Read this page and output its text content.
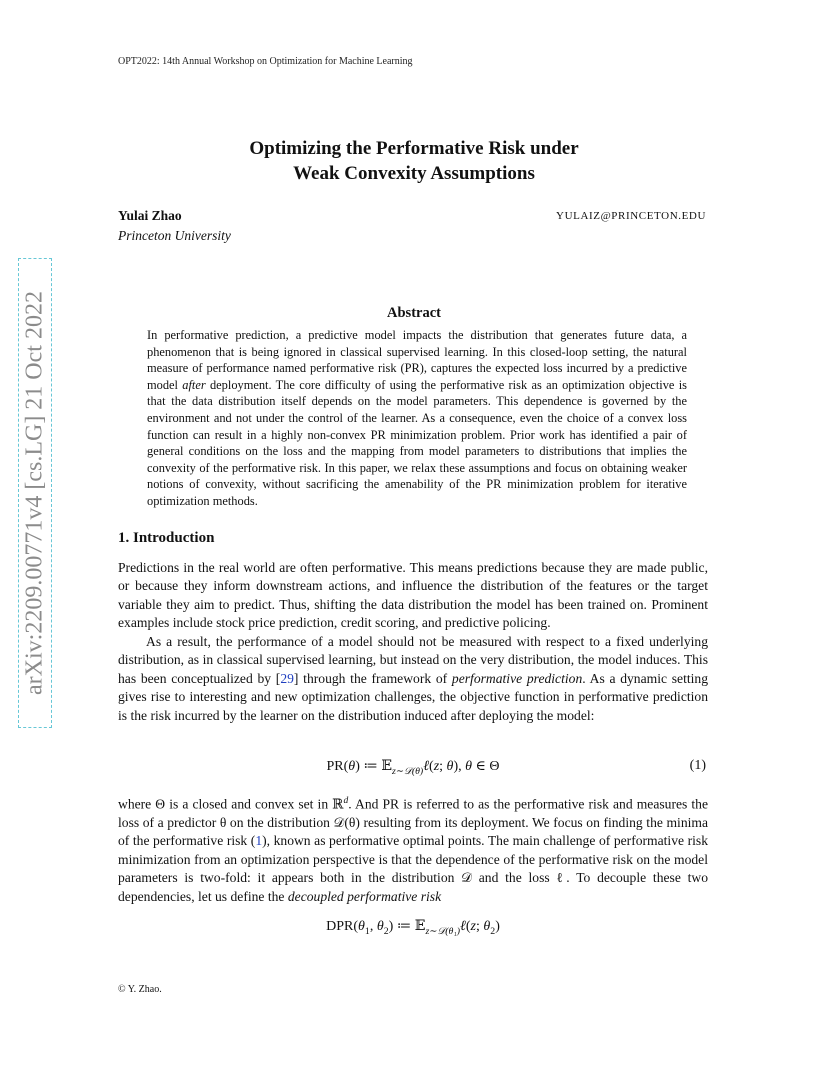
OPT2022: 14th Annual Workshop on Optimization for Machine Learning
Optimizing the Performative Risk under
Weak Convexity Assumptions
Yulai Zhao
Princeton University
YULAIZ@PRINCETON.EDU
arXiv:2209.00771v4 [cs.LG] 21 Oct 2022	Abstract
In performative prediction, a predictive model impacts the distribution that generates future data, a phenomenon that is being ignored in classical supervised learning. In this closed-loop setting, the natural measure of performance named performative risk (PR), captures the expected loss incurred by a predictive model after deployment. The core difficulty of using the performative risk as an optimization objective is that the data distribution itself depends on the model parameters. This dependence is governed by the environment and not under the control of the learner. As a consequence, even the choice of a convex loss function can result in a highly non-convex PR minimization problem. Prior work has identified a pair of general conditions on the loss and the mapping from model parameters to distributions that implies the convexity of the performative risk. In this paper, we relax these assumptions and focus on obtaining weaker notions of convexity, without sacrificing the amenability of the PR minimization problem for iterative optimization methods.
1. Introduction
Predictions in the real world are often performative. This means predictions because they are made public, or because they inform downstream actions, and influence the distribution of the features or the target variable they aim to predict. Thus, shifting the data distribution the model has been trained on. Prominent examples include stock price prediction, credit scoring, and predictive policing.
As a result, the performance of a model should not be measured with respect to a fixed underlying distribution, as in classical supervised learning, but instead on the very distribution, the model induces. This has been conceptualized by [29] through the framework of performative prediction. As a dynamic setting gives rise to interesting and new optimization challenges, the objective function in performative prediction is the risk incurred by the learner on the distribution induced after deploying the model:
PR(θ) ≔ 𝔼$_{z\sim 𝒟(\theta)}$ℓ(z; θ), θ ∈ Θ	(1)
where Θ is a closed and convex set in ℝ$^d$. And PR is referred to as the performative risk and measures the loss of a predictor θ on the distribution 𝒟(θ) resulting from its deployment. We focus on finding the minima of the performative risk (1), known as performative optimal points. The main challenge of performative risk minimization from an optimization perspective is that the dependence of the performative risk on the model parameters is two-fold: it appears both in the distribution 𝒟 and the loss ℓ. To decouple these two dependencies, let us define the decoupled performative risk
$DPR(\theta_1$, $\theta_2$) ≔ 𝔼$_{z\sim 𝒟(\theta_1)}$ℓ(z; $\theta_2$)
© Y. Zhao.
